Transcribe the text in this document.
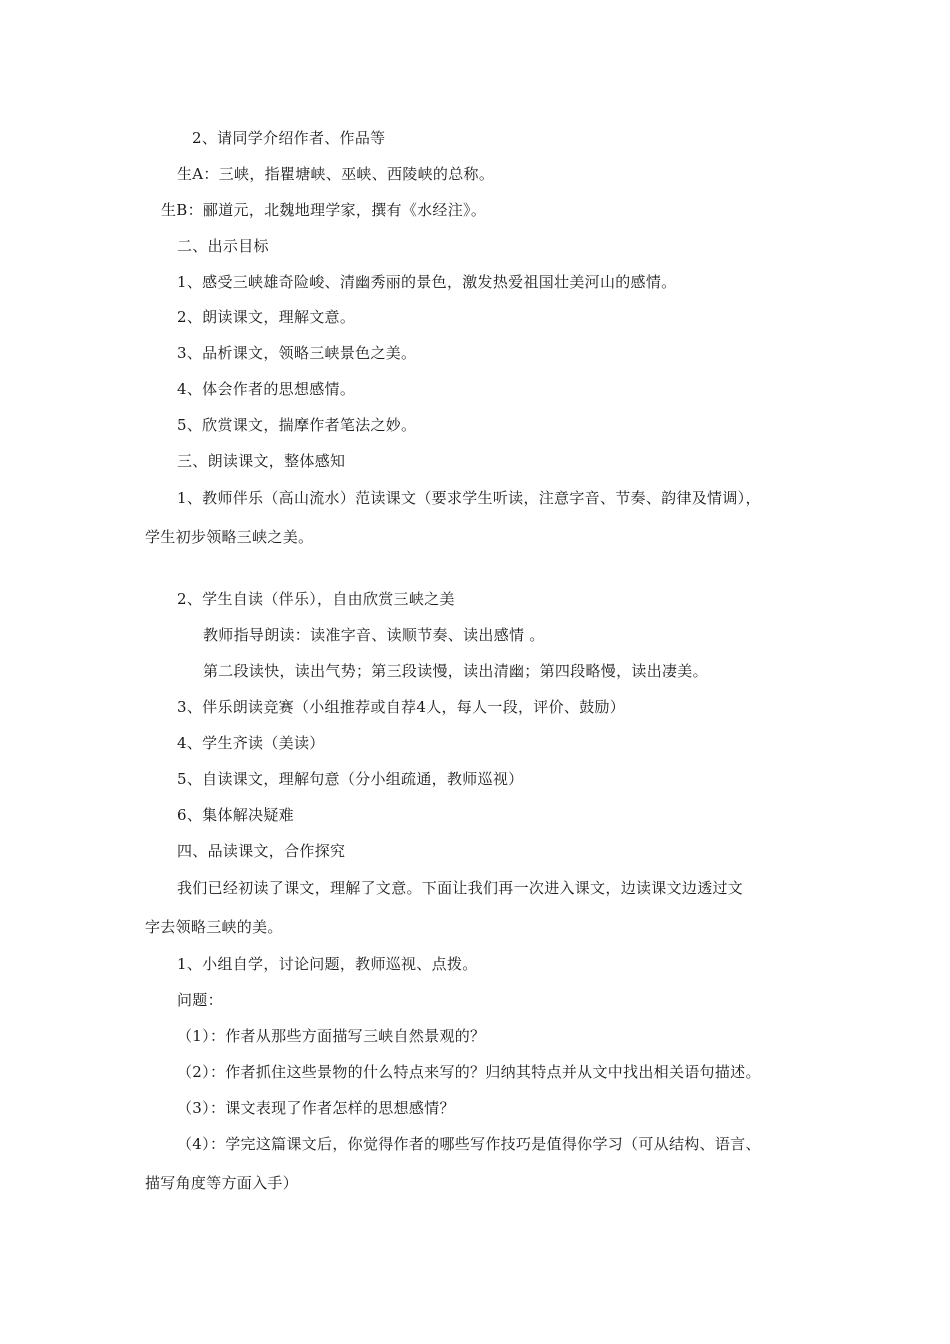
2、请同学介绍作者、作品等
生A：三峡，指瞿塘峡、巫峡、西陵峡的总称。
生B：郦道元，北魏地理学家，撰有《水经注》。
二、出示目标
1、感受三峡雄奇险峻、清幽秀丽的景色，激发热爱祖国壮美河山的感情。
2、朗读课文，理解文意。
3、品析课文，领略三峡景色之美。
4、体会作者的思想感情。
5、欣赏课文，揣摩作者笔法之妙。
三、朗读课文，整体感知
1、教师伴乐（高山流水）范读课文（要求学生听读，注意字音、节奏、韵律及情调），
学生初步领略三峡之美。
2、学生自读（伴乐），自由欣赏三峡之美
教师指导朗读：读准字音、读顺节奏、读出感情 。
第二段读快，读出气势；第三段读慢，读出清幽；第四段略慢，读出凄美。
3、伴乐朗读竞赛（小组推荐或自荐4人，每人一段，评价、鼓励）
4、学生齐读（美读）
5、自读课文，理解句意（分小组疏通，教师巡视）
6、集体解决疑难
四、品读课文，合作探究
我们已经初读了课文，理解了文意。下面让我们再一次进入课文，边读课文边透过文
字去领略三峡的美。
1、小组自学，讨论问题，教师巡视、点拨。
问题：
（1）：作者从那些方面描写三峡自然景观的？
（2）：作者抓住这些景物的什么特点来写的？归纳其特点并从文中找出相关语句描述。
（3）：课文表现了作者怎样的思想感情？
（4）：学完这篇课文后，你觉得作者的哪些写作技巧是值得你学习（可从结构、语言、
描写角度等方面入手）
